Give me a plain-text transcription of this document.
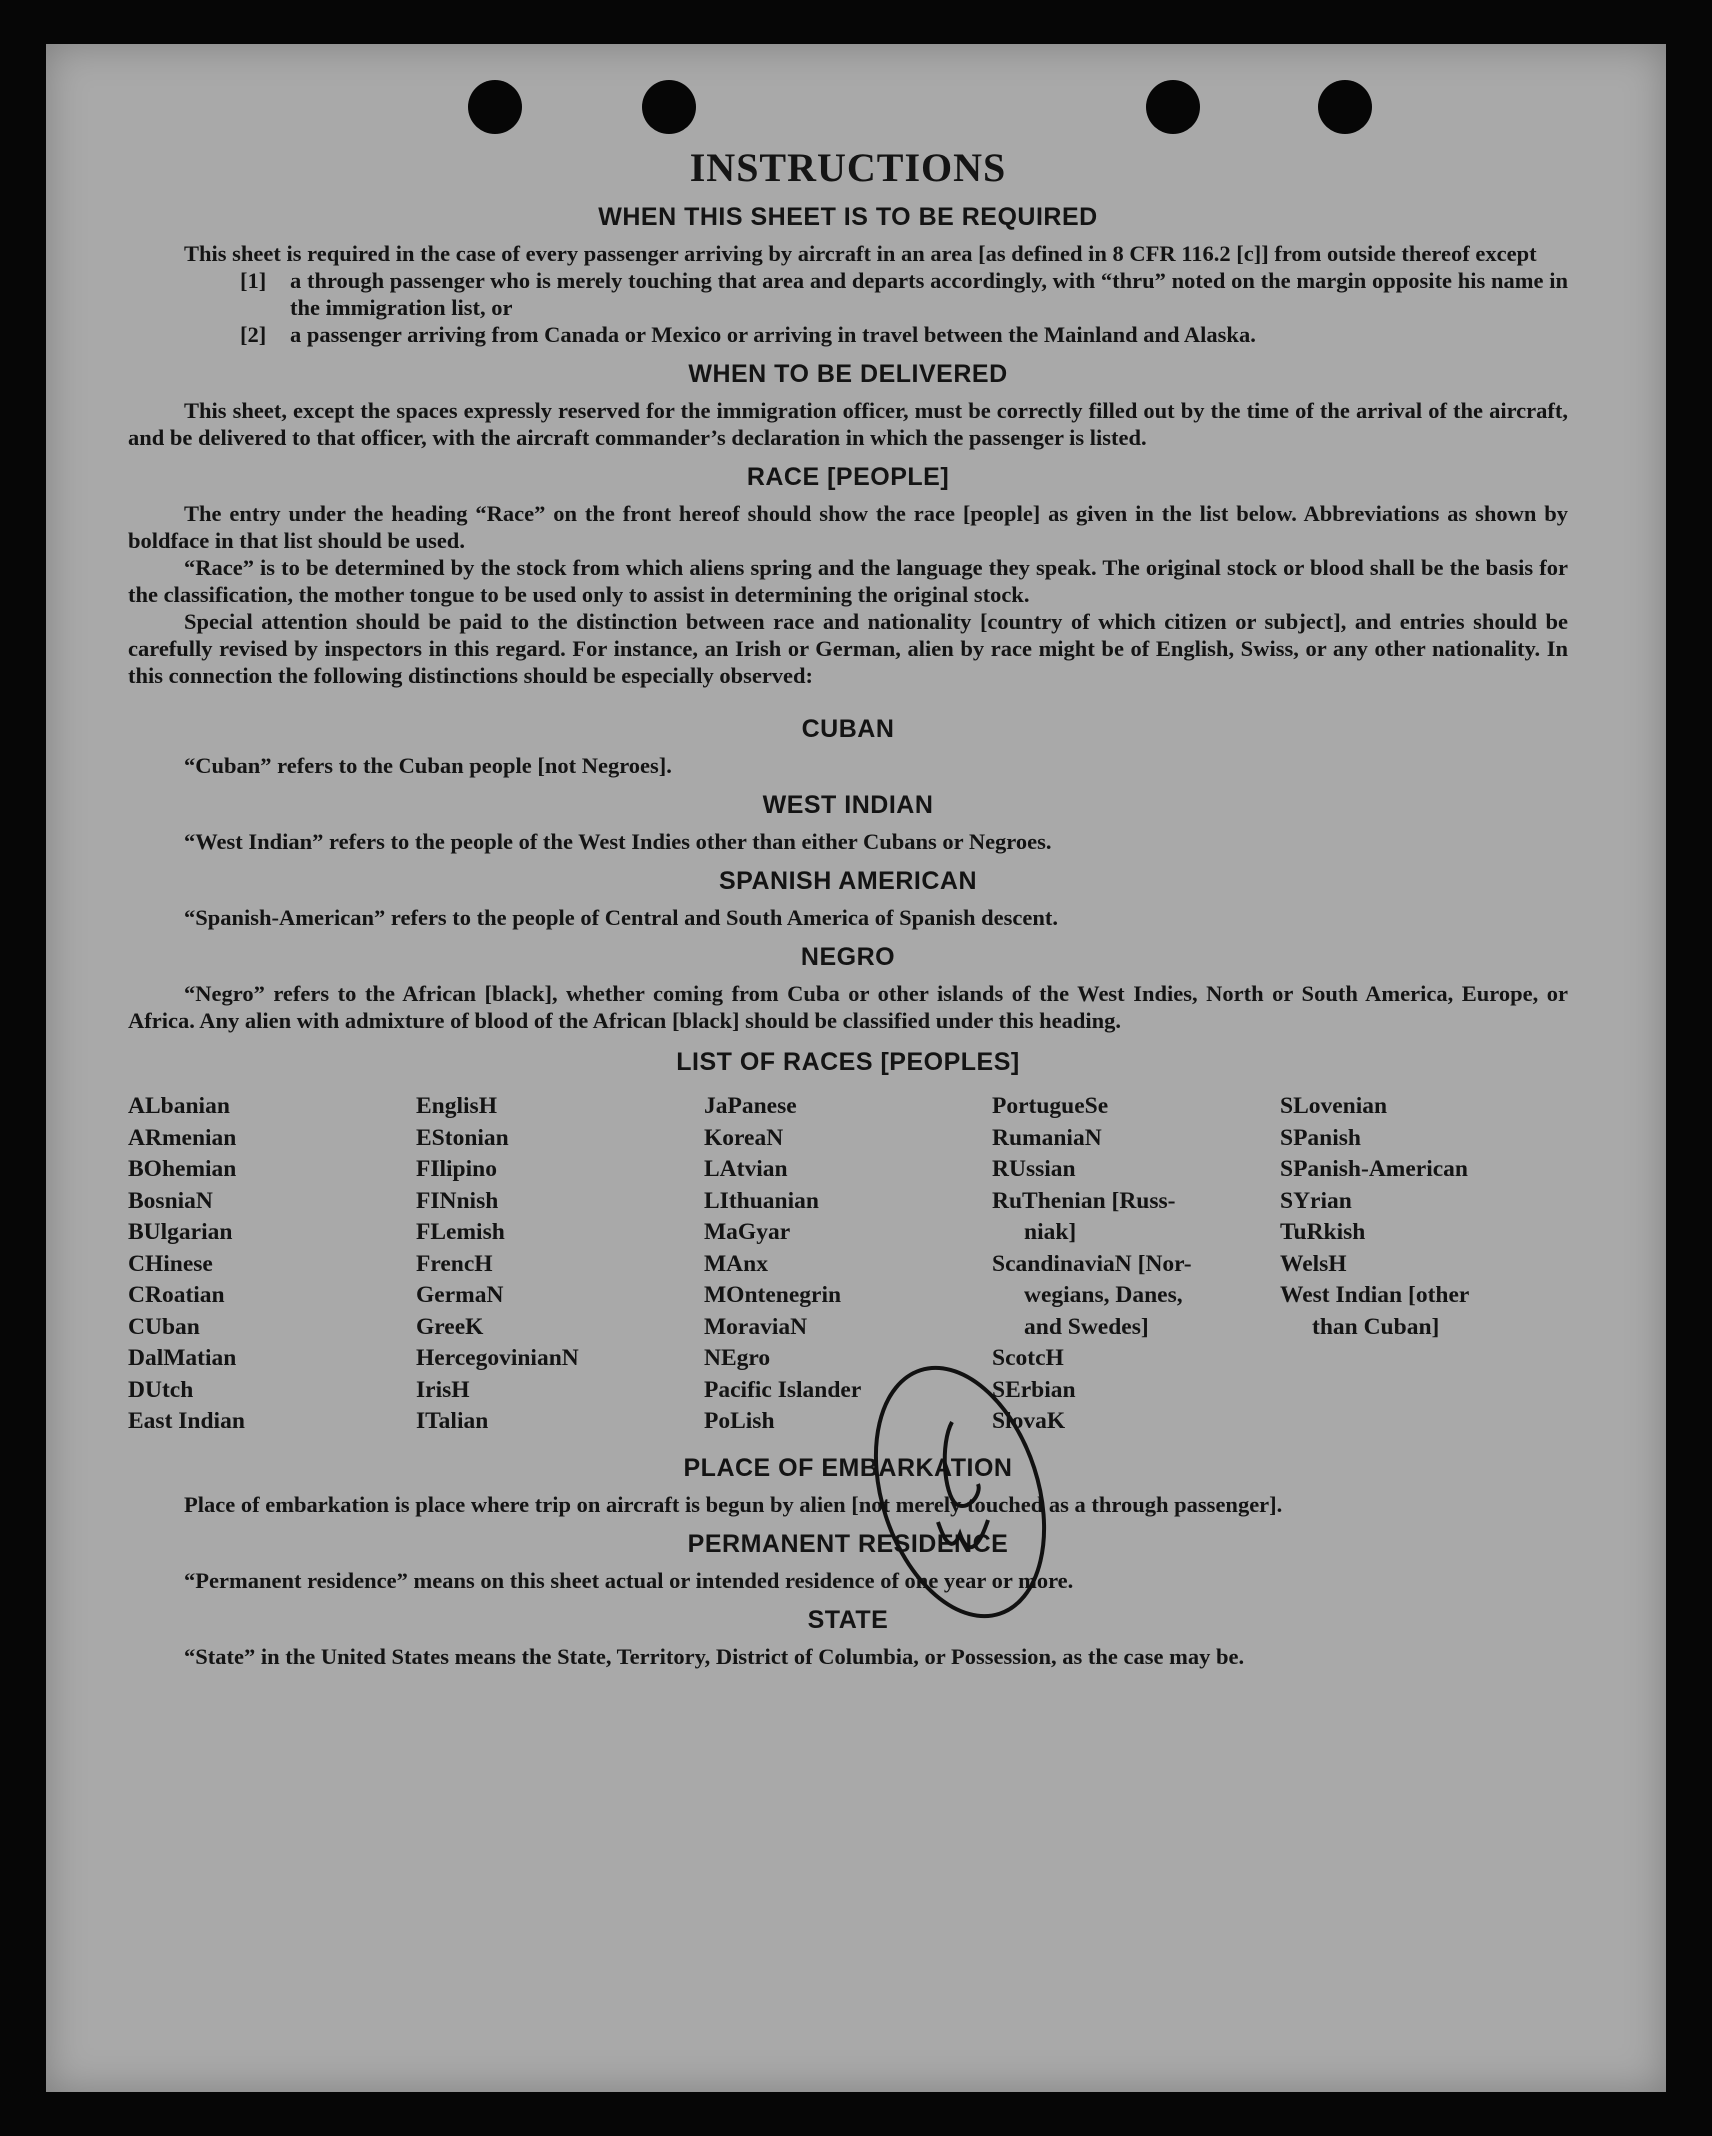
INSTRUCTIONS
WHEN THIS SHEET IS TO BE REQUIRED

This sheet is required in the case of every passenger arriving by aircraft in an area [as defined in 8 CFR 116.2 [c]] from outside thereof except

[1]	a through passenger who is merely touching that area and departs accordingly, with “thru” noted on the margin opposite his name in the immigration list, or

[2]	a passenger arriving from Canada or Mexico or arriving in travel between the Mainland and Alaska.

WHEN TO BE DELIVERED

This sheet, except the spaces expressly reserved for the immigration officer, must be correctly filled out by the time of the arrival of the aircraft, and be delivered to that officer, with the aircraft commander’s declaration in which the passenger is listed.

RACE [PEOPLE]

The entry under the heading “Race” on the front hereof should show the race [people] as given in the list below. Abbreviations as shown by boldface in that list should be used.

“Race” is to be determined by the stock from which aliens spring and the language they speak. The original stock or blood shall be the basis for the classification, the mother tongue to be used only to assist in determining the original stock.

Special attention should be paid to the distinction between race and nationality [country of which citizen or subject], and entries should be carefully revised by inspectors in this regard. For instance, an Irish or German, alien by race might be of English, Swiss, or any other nationality. In this connection the following distinctions should be especially observed:

CUBAN

“Cuban” refers to the Cuban people [not Negroes].

WEST INDIAN

“West Indian” refers to the people of the West Indies other than either Cubans or Negroes.

SPANISH AMERICAN

“Spanish-American” refers to the people of Central and South America of Spanish descent.

NEGRO

“Negro” refers to the African [black], whether coming from Cuba or other islands of the West Indies, North or South America, Europe, or Africa. Any alien with admixture of blood of the African [black] should be classified under this heading.

LIST OF RACES [PEOPLES]
ALbanian
ARmenian
BOhemian
BosniaN
BUlgarian
CHinese
CRoatian
CUban
DalMatian
DUtch
East Indian
EnglisH
EStonian
FIlipino
FINnish
FLemish
FrencH
GermaN
GreeK
HercegovinianN
IrisH
ITalian
JaPanese
KoreaN
LAtvian
LIthuanian
MaGyar
MAnx
MOntenegrin
MoraviaN
NEgro
Pacific Islander
PoLish
PortugueSe
RumaniaN
RUssian
RuThenian [Russ-
niak]
ScandinaviaN [Nor-
wegians, Danes,
and Swedes]
ScotcH
SErbian
SlovaK
SLovenian
SPanish
SPanish-American
SYrian
TuRkish
WelsH
West Indian [other
than Cuban]
PLACE OF EMBARKATION

Place of embarkation is place where trip on aircraft is begun by alien [not merely touched as a through passenger].

PERMANENT RESIDENCE

“Permanent residence” means on this sheet actual or intended residence of one year or more.

STATE

“State” in the United States means the State, Territory, District of Columbia, or Possession, as the case may be.
